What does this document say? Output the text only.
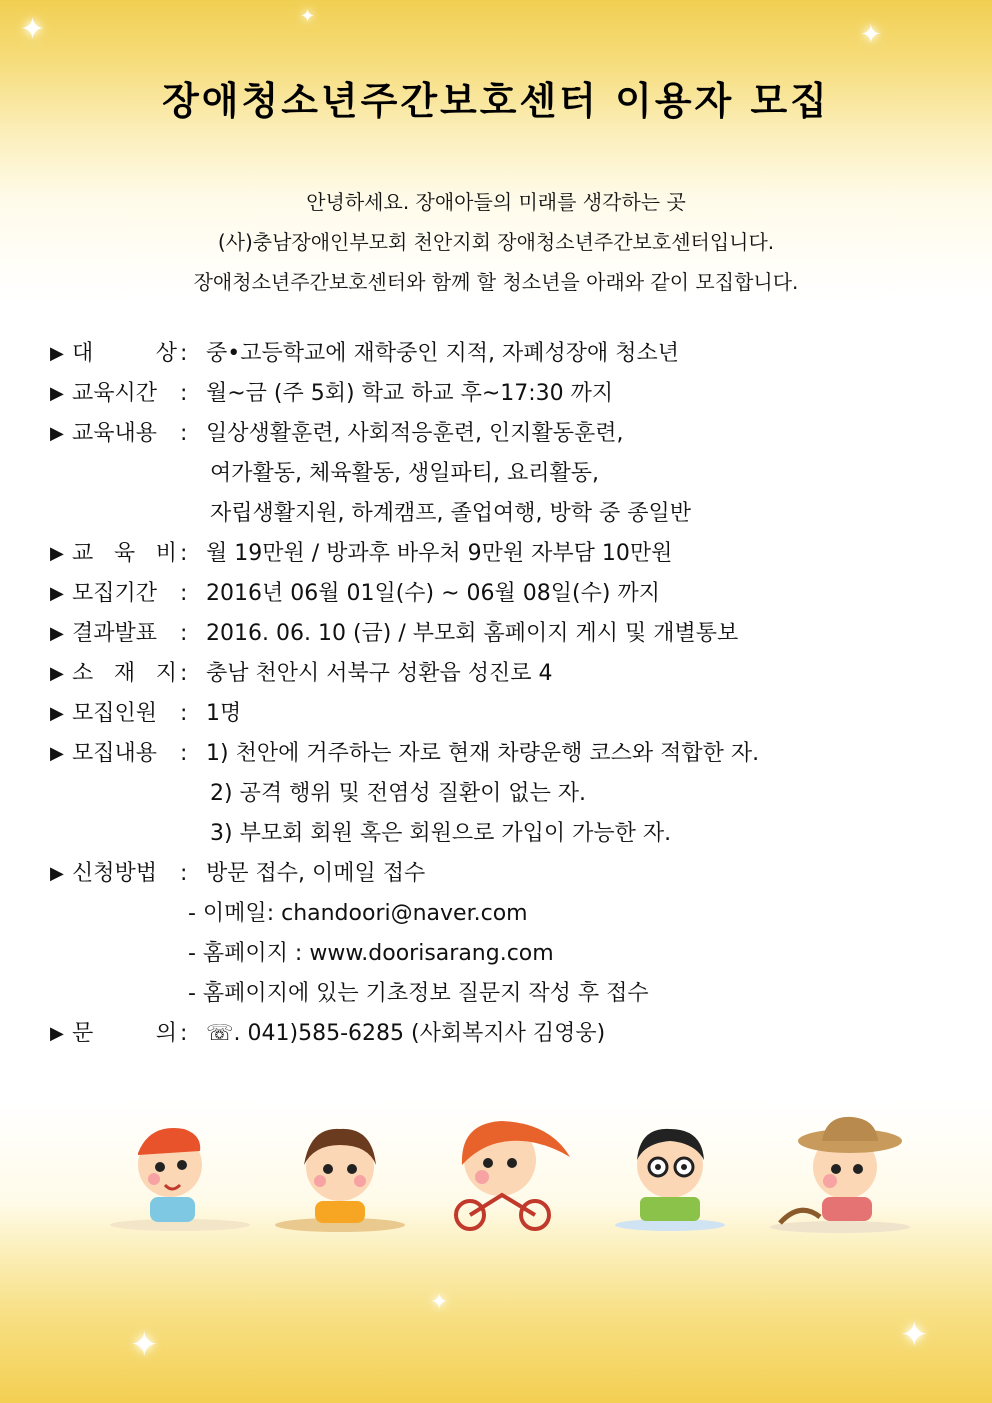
✦	✦
✦
✦
✦
✦
장애청소년주간보호센터 이용자 모집
안녕하세요. 장애아들의 미래를 생각하는 곳
(사)충남장애인부모회 천안지회 장애청소년주간보호센터입니다.
장애청소년주간보호센터와 함께 할 청소년을 아래와 같이 모집합니다.
▶ 대	상 : 중•고등학교에 재학중인 지적, 자폐성장애 청소년
▶ 교육시간	: 월~금 (주 5회) 학교 하교 후~17:30 까지
▶ 교육내용	: 일상생활훈련, 사회적응훈련, 인지활동훈련,
여가활동, 체육활동, 생일파티, 요리활동,
자립생활지원, 하계캠프, 졸업여행, 방학 중 종일반
▶ 교 육 비 : 월 19만원 / 방과후 바우처 9만원 자부담 10만원
▶ 모집기간	: 2016년 06월 01일(수) ~ 06월 08일(수) 까지
▶ 결과발표	: 2016. 06. 10 (금) / 부모회 홈페이지 게시 및 개별통보
▶ 소 재 지 : 충남 천안시 서북구 성환읍 성진로 4
▶ 모집인원	: 1명
▶ 모집내용	: 1) 천안에 거주하는 자로 현재 차량운행 코스와 적합한 자.
2) 공격 행위 및 전염성 질환이 없는 자.
3) 부모회 회원 혹은 회원으로 가입이 가능한 자.
▶ 신청방법	: 방문 접수, 이메일 접수
- 이메일: chandoori@naver.com
- 홈페이지 : www.doorisarang.com
- 홈페이지에 있는 기초정보 질문지 작성 후 접수
▶ 문	의 : ☏. 041)585-6285 (사회복지사 김영웅)
